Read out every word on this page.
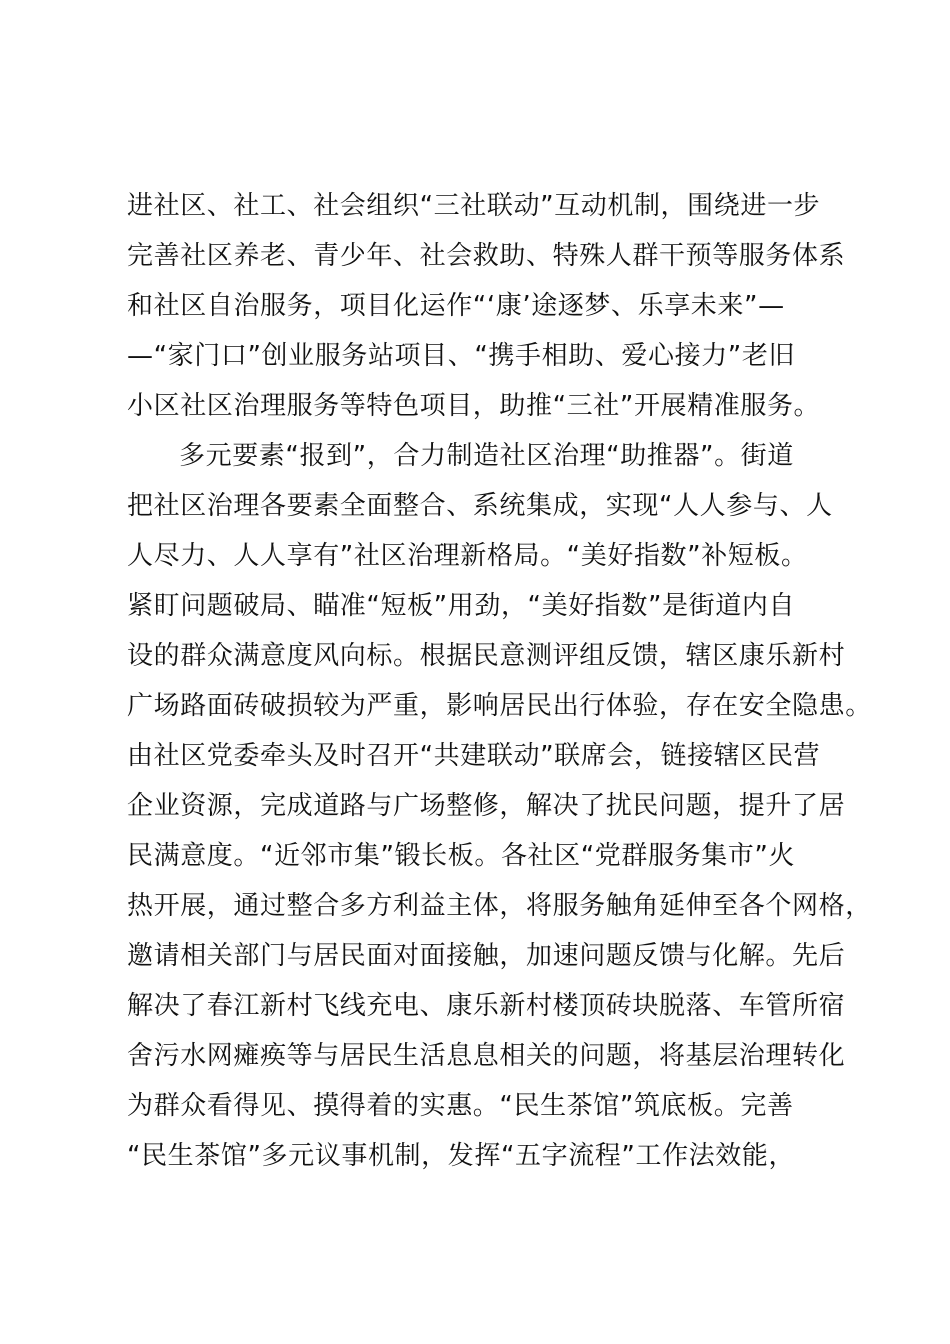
进社区、社工、社会组织“三社联动”互动机制，围绕进一步
完善社区养老、青少年、社会救助、特殊人群干预等服务体系
和社区自治服务，项目化运作“‘康’途逐梦、乐享未来”—
—“家门口”创业服务站项目、“携手相助、爱心接力”老旧
小区社区治理服务等特色项目，助推“三社”开展精准服务。
多元要素“报到”，合力制造社区治理“助推器”。街道
把社区治理各要素全面整合、系统集成，实现“人人参与、人
人尽力、人人享有”社区治理新格局。“美好指数”补短板。
紧盯问题破局、瞄准“短板”用劲，“美好指数”是街道内自
设的群众满意度风向标。根据民意测评组反馈，辖区康乐新村
广场路面砖破损较为严重，影响居民出行体验，存在安全隐患。
由社区党委牵头及时召开“共建联动”联席会，链接辖区民营
企业资源，完成道路与广场整修，解决了扰民问题，提升了居
民满意度。“近邻市集”锻长板。各社区“党群服务集市”火
热开展，通过整合多方利益主体，将服务触角延伸至各个网格，
邀请相关部门与居民面对面接触，加速问题反馈与化解。先后
解决了春江新村飞线充电、康乐新村楼顶砖块脱落、车管所宿
舍污水网瘫痪等与居民生活息息相关的问题，将基层治理转化
为群众看得见、摸得着的实惠。“民生茶馆”筑底板。完善
“民生茶馆”多元议事机制，发挥“五字流程”工作法效能，
